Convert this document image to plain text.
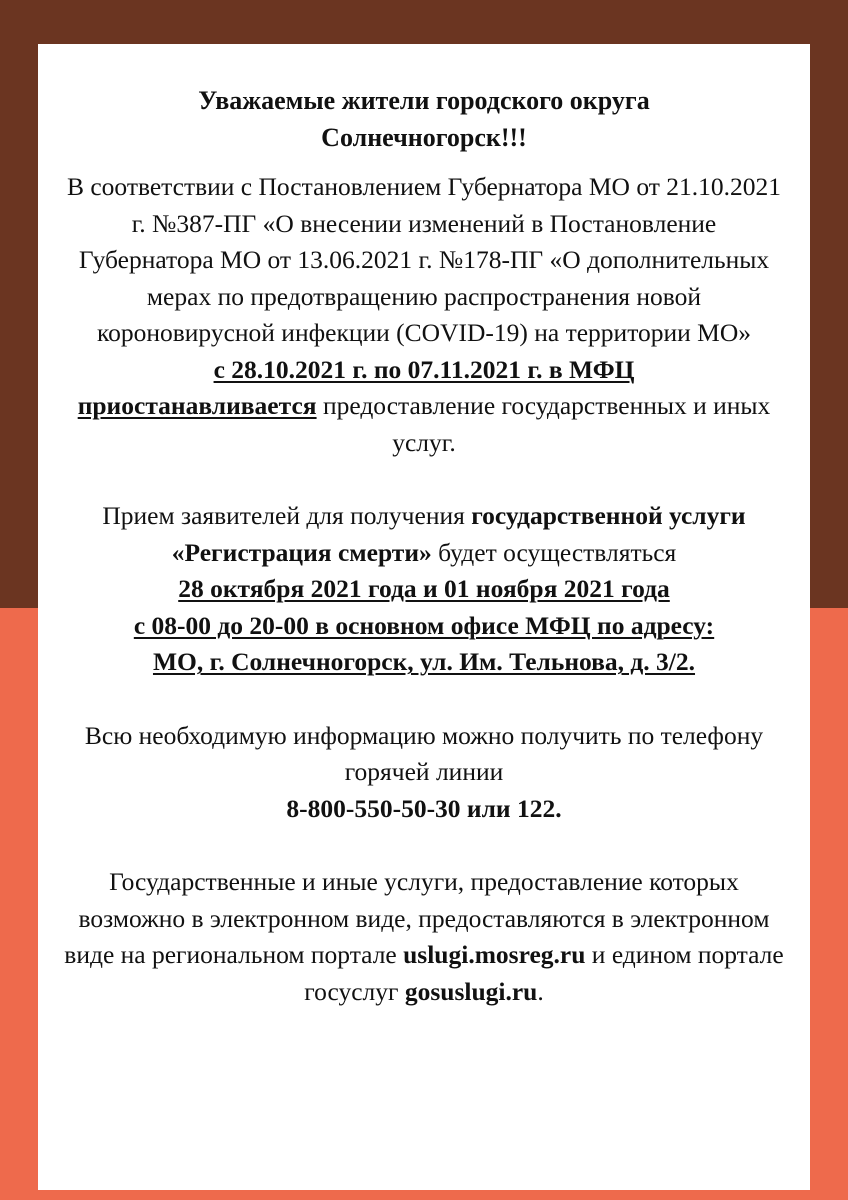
Уважаемые жители городского округа
Солнечногорск!!!

В соответствии с Постановлением Губернатора МО от 21.10.2021 г. №387-ПГ «О внесении изменений в Постановление Губернатора МО от 13.06.2021 г. №178-ПГ «О дополнительных мерах по предотвращению распространения новой короновирусной инфекции (COVID-19) на территории МО»
с 28.10.2021 г. по 07.11.2021 г. в МФЦ
приостанавливается предоставление государственных и иных услуг.

Прием заявителей для получения государственной услуги «Регистрация смерти» будет осуществляться
28 октября 2021 года и 01 ноября 2021 года
с 08-00 до 20-00 в основном офисе МФЦ по адресу:
МО, г. Солнечногорск, ул. Им. Тельнова, д. 3/2.

Всю необходимую информацию можно получить по телефону горячей линии
8-800-550-50-30 или 122.

Государственные и иные услуги, предоставление которых возможно в электронном виде, предоставляются в электронном виде на региональном портале uslugi.mosreg.ru и едином портале госуслуг gosuslugi.ru.
